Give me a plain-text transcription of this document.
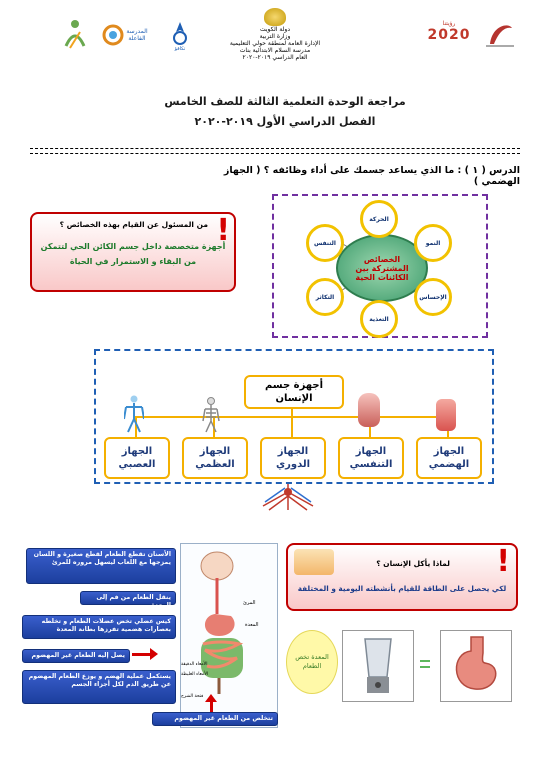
رؤيتنا
2020
دولة الكويت
وزارة التربية
الإدارة العامة لمنطقة حولي التعليمية
مدرسة السلام الابتدائية بنات
العام الدراسي ٢٠١٩-٢٠٢٠
تكافؤ
المدرسة الفاعلة
مراجعة الوحدة التعلمية الثالثة للصف الخامس
الفصل الدراسي الأول ٢٠١٩-٢٠٢٠
الدرس ( ١ ) : ما الذي يساعد جسمك على أداء وظائفه ؟ ( الجهاز الهضمي )
!
من المسئول عن القيام بهذه الخصائص ؟
أجهزة متخصصة داخل جسم الكائن الحي لتتمكن من البقاء و الاستمرار في الحياة	الخصائص المشتركة بين الكائنات الحية
الحركة
النمو
الإحساس
التغذية
التكاثر
التنفس
أجهزة جسم الإنسان
الجهاز الهضمي
الجهاز التنفسي
الجهاز الدوري
الجهاز العظمي
الجهاز العصبي
!
لماذا يأكل الإنسان ؟
لكي يحصل على الطاقة للقيام بأنشطته اليومية و المختلفة
المعدة تخص الطعام
المرئ
المعدة
الأمعاء الدقيقة
الأمعاء الغليظة
فتحة الشرج
الأسنان تقطع الطعام لقطع صغيرة و اللسان يمزجها مع اللعاب ليسهل مروره للمرئ
ينقل الطعام من فم إلى المعدة
كيس عضلي تخض عضلات الطعام و تخلطه بعصارات هضمية تفرزها بطانة المعدة
يصل إليه الطعام غير المهضوم
يستكمل عملية الهضم و يوزع الطعام المهضوم عن طريق الدم لكل أجزاء الجسم
تتخلص من الطعام غير المهضوم
